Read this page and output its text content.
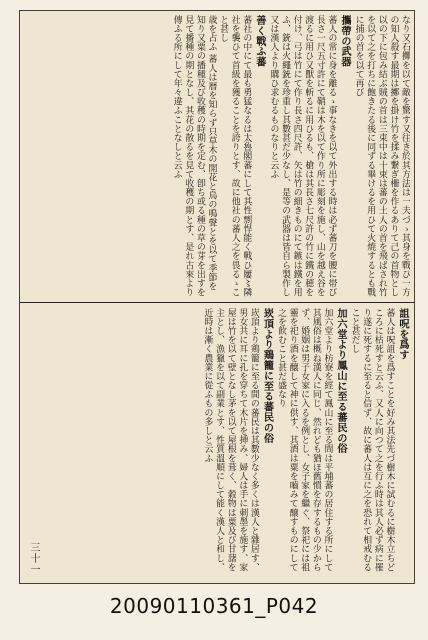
なり又石擲を以て敵を驚す又往き於其方法は一夫づゝ其身を戰ひ一方の知人殺す最期は擲を掛け竹を揉み繋ぎ柵を作るありて己の首物とし以の下に包み結ぶ賊の首は三束中は十束は蕃の土人の首を飛ばされ竹を以て之を打ちに飽きたる後に同ずる畢けるを用ひて火焼するとも戰に捕の首を以て再び
攜帶の武器
蕃人の常に身を離るゝ事なきを以て外出する時は必ず蕃刀を腰に帯び長さ一尺五寸許にて鞘は木を以て作り所に彫刻を施し、山を越え谷を渡るに用ひ又獸を斬るに用ひるも、槍は其長さ七尺許の竹に鐵の穂を付け、弓は竹にて作り長さ四尺許、矢は竹の細きものにて鏃は鐵を用ふ、銃は火繩銃を珍重し其數甚だ少なし、是等の武器は皆自ら製作し又は漢人より購ひ求むるものなりと云ふ
善く戰ふ蕃
蕃社の中にて最も勇猛なるは太魯閣蕃にして其性剽悍能く戰ひ屢〻隣社を襲ひて首級を獲ることを誇りとす、故に他社の蕃人之を畏るゝこと甚し
歳を占ふ 蕃人は暦を知らず只草木の開花と鳥の鳴聲とを以て季節を知り又粟の播種及び收穫の時期を定む、卽ち或る種の草の芽を出すを見て播種の期となし、其花の散るを見て收穫の期とす、是れ古來より傳ふる所にして年々違ふことなしと云ふ
詛呪を爲す
蕃人は呪詛を爲すことを好み其法先づ樹木に試むるに樹木立ちどころに枯死すと云ふ、又人に向つて之を行ふ時は其人必ず病に罹り遂に死するに至ると信ず、故に蕃人は互に之を恐れて相戒むること甚だし
加六堂より鳳山に至る蕃民の俗
加六堂より枋寮を經て鳳山に至る間は平埔蕃の居住する所にして其風俗は概ね漢人に同じ、然れども猶ほ舊慣を存するもの少からず、婚姻は男子女家に入るを例とし、女子家を繼ぐ、祭祀には祖靈を祀り酒を醸して神に供す、其酒は粟を嚙みて醸すものにして之を飮むこと甚だ盛なり
崁頂より鶏籠に至る蕃民の俗
崁頂より鶏籠に至る間の蕃民は其數少なく多くは漢人と雜居す、男女共に耳に孔を穿ちて木片を挿み、婦人は手に刺墨を施す、家屋は竹を以て壁となし茅を以て屋根を葺く、穀物は粟及び甘藷を主とし、漁獵を以て副業とす、性質溫順にして能く漢人と和し、近時は漸く農業に從ふもの多しと云ふ
三十一
20090110361_P042
